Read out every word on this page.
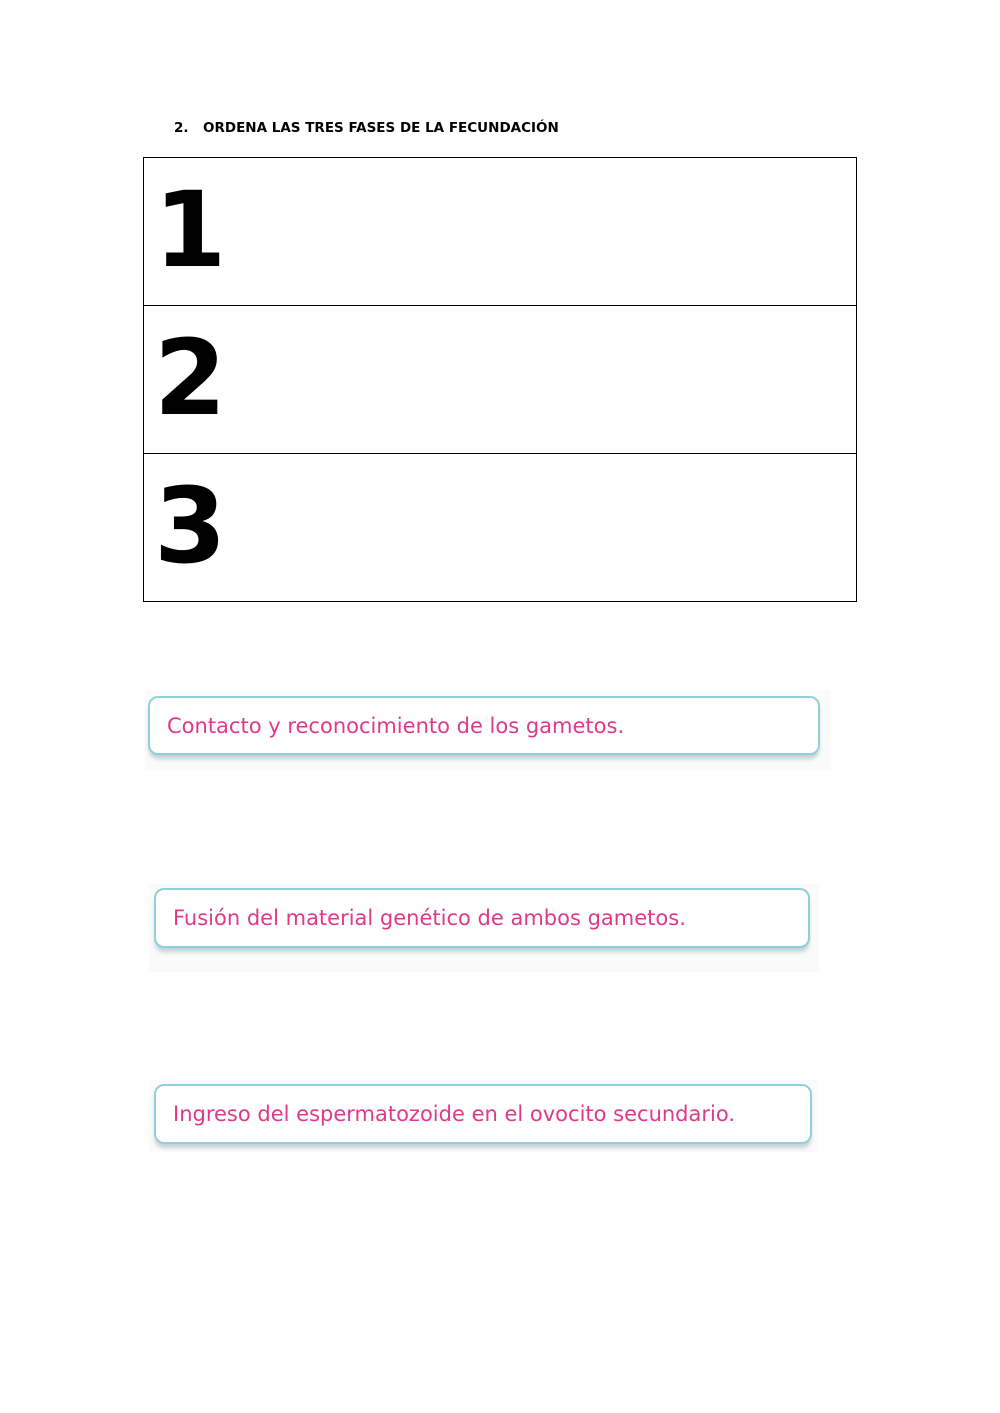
2. ORDENA LAS TRES FASES DE LA FECUNDACIÓN
1
2
3
Contacto y reconocimiento de los gametos.
Fusión del material genético de ambos gametos.
Ingreso del espermatozoide en el ovocito secundario.
